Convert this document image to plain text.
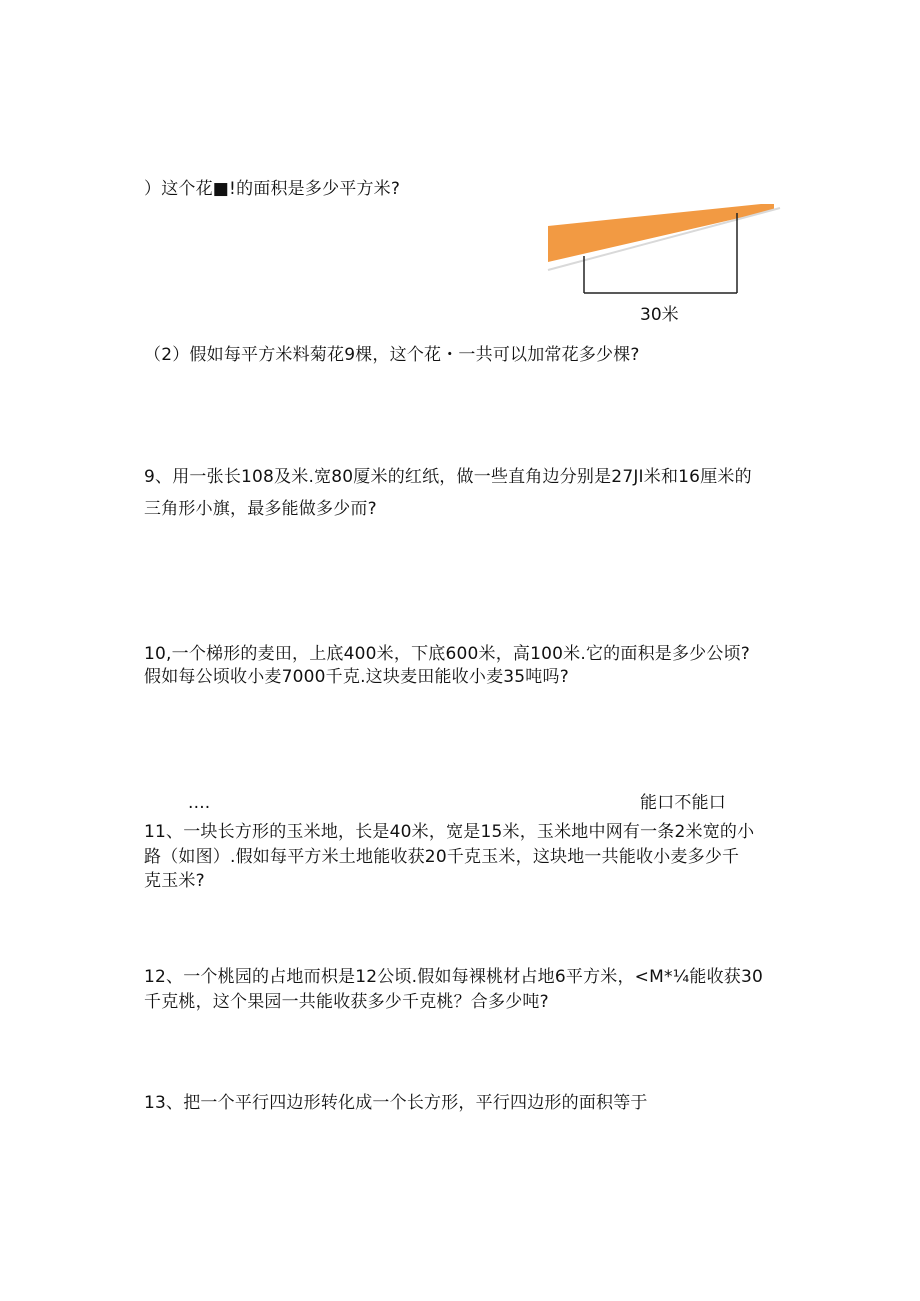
）这个花■!的面积是多少平方米?
30米
（2）假如每平方米料菊花9棵，这个花・一共可以加常花多少棵?
9、用一张长108及米.宽80厦米的红纸，做一些直角边分别是27JI米和16厘米的
三角形小旗，最多能做多少而?
10,一个梯形的麦田，上底400米，下底600米，高100米.它的面积是多少公顷?
假如每公顷收小麦7000千克.这块麦田能收小麦35吨吗?
....	能口不能口
11、一块长方形的玉米地，长是40米，宽是15米，玉米地中网有一条2米宽的小
路（如图）.假如每平方米土地能收获20千克玉米，这块地一共能收小麦多少千
克玉米?
12、一个桃园的占地而枳是12公顷.假如每裸桃材占地6平方米，<M*¼能收获30
千克桃，这个果园一共能收获多少千克桃？合多少吨?
13、把一个平行四边形转化成一个长方形，平行四边形的面积等于
